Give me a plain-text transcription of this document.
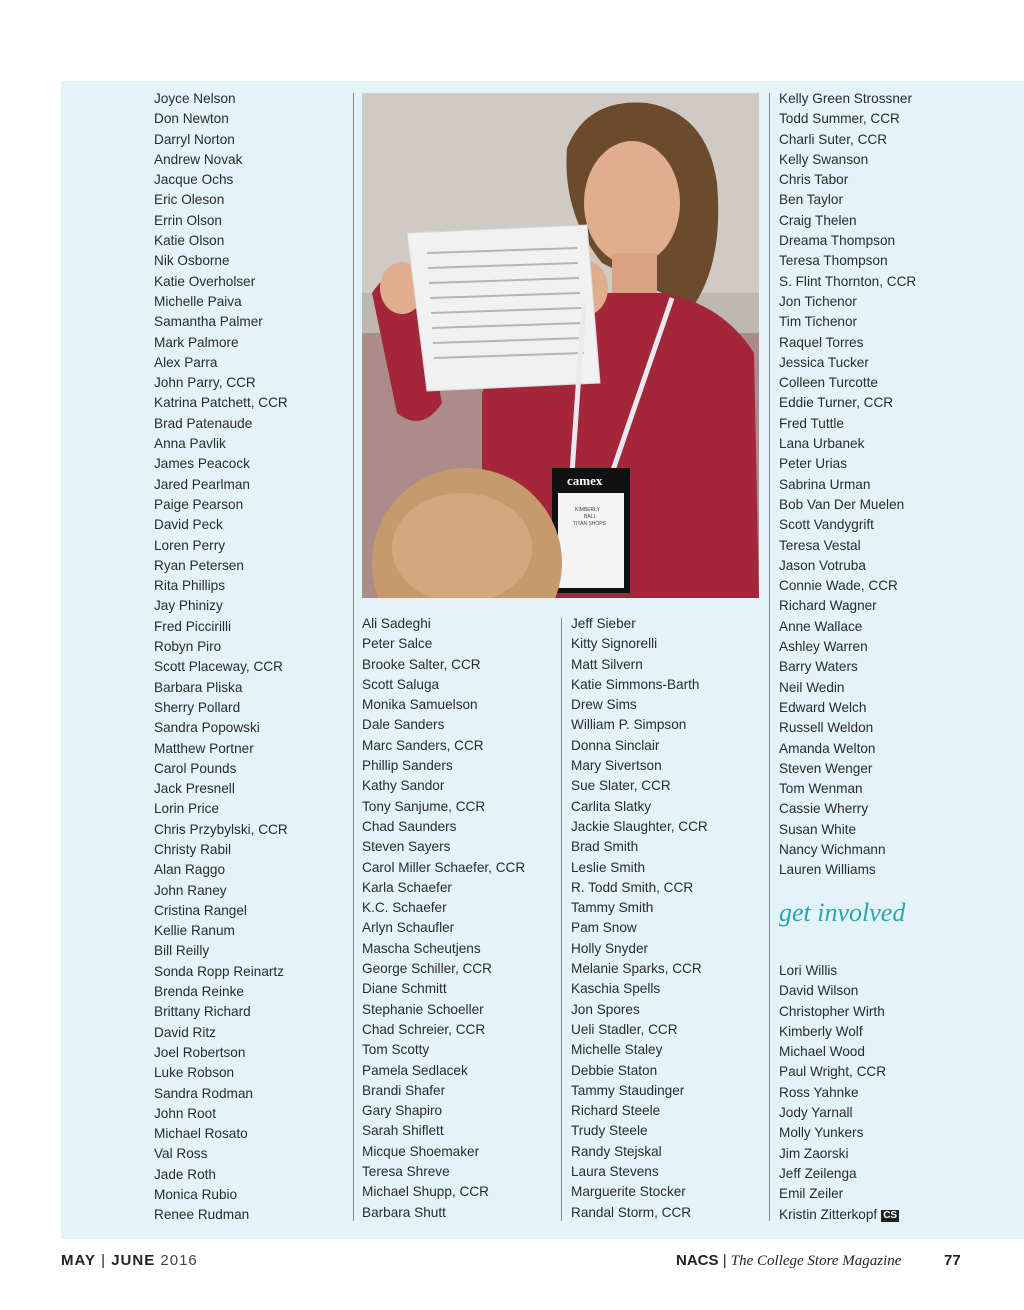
Joyce Nelson
Don Newton
Darryl Norton
Andrew Novak
Jacque Ochs
Eric Oleson
Errin Olson
Katie Olson
Nik Osborne
Katie Overholser
Michelle Paiva
Samantha Palmer
Mark Palmore
Alex Parra
John Parry, CCR
Katrina Patchett, CCR
Brad Patenaude
Anna Pavlik
James Peacock
Jared Pearlman
Paige Pearson
David Peck
Loren Perry
Ryan Petersen
Rita Phillips
Jay Phinizy
Fred Piccirilli
Robyn Piro
Scott Placeway, CCR
Barbara Pliska
Sherry Pollard
Sandra Popowski
Matthew Portner
Carol Pounds
Jack Presnell
Lorin Price
Chris Przybylski, CCR
Christy Rabil
Alan Raggo
John Raney
Cristina Rangel
Kellie Ranum
Bill Reilly
Sonda Ropp Reinartz
Brenda Reinke
Brittany Richard
David Ritz
Joel Robertson
Luke Robson
Sandra Rodman
John Root
Michael Rosato
Val Ross
Jade Roth
Monica Rubio
Renee Rudman
camex
KIMBERLY
BALL
TITAN SHOPS
Ali Sadeghi
Peter Salce
Brooke Salter, CCR
Scott Saluga
Monika Samuelson
Dale Sanders
Marc Sanders, CCR
Phillip Sanders
Kathy Sandor
Tony Sanjume, CCR
Chad Saunders
Steven Sayers
Carol Miller Schaefer, CCR
Karla Schaefer
K.C. Schaefer
Arlyn Schaufler
Mascha Scheutjens
George Schiller, CCR
Diane Schmitt
Stephanie Schoeller
Chad Schreier, CCR
Tom Scotty
Pamela Sedlacek
Brandi Shafer
Gary Shapiro
Sarah Shiflett
Micque Shoemaker
Teresa Shreve
Michael Shupp, CCR
Barbara Shutt
Jeff Sieber
Kitty Signorelli
Matt Silvern
Katie Simmons-Barth
Drew Sims
William P. Simpson
Donna Sinclair
Mary Sivertson
Sue Slater, CCR
Carlita Slatky
Jackie Slaughter, CCR
Brad Smith
Leslie Smith
R. Todd Smith, CCR
Tammy Smith
Pam Snow
Holly Snyder
Melanie Sparks, CCR
Kaschia Spells
Jon Spores
Ueli Stadler, CCR
Michelle Staley
Debbie Staton
Tammy Staudinger
Richard Steele
Trudy Steele
Randy Stejskal
Laura Stevens
Marguerite Stocker
Randal Storm, CCR
Kelly Green Strossner
Todd Summer, CCR
Charli Suter, CCR
Kelly Swanson
Chris Tabor
Ben Taylor
Craig Thelen
Dreama Thompson
Teresa Thompson
S. Flint Thornton, CCR
Jon Tichenor
Tim Tichenor
Raquel Torres
Jessica Tucker
Colleen Turcotte
Eddie Turner, CCR
Fred Tuttle
Lana Urbanek
Peter Urias
Sabrina Urman
Bob Van Der Muelen
Scott Vandygrift
Teresa Vestal
Jason Votruba
Connie Wade, CCR
Richard Wagner
Anne Wallace
Ashley Warren
Barry Waters
Neil Wedin
Edward Welch
Russell Weldon
Amanda Welton
Steven Wenger
Tom Wenman
Cassie Wherry
Susan White
Nancy Wichmann
Lauren Williams
get involved
Lori Willis
David Wilson
Christopher Wirth
Kimberly Wolf
Michael Wood
Paul Wright, CCR
Ross Yahnke
Jody Yarnall
Molly Yunkers
Jim Zaorski
Jeff Zeilenga
Emil Zeiler
Kristin Zitterkopf CS
MAY | JUNE 2016	NACS | The College Store Magazine	77
